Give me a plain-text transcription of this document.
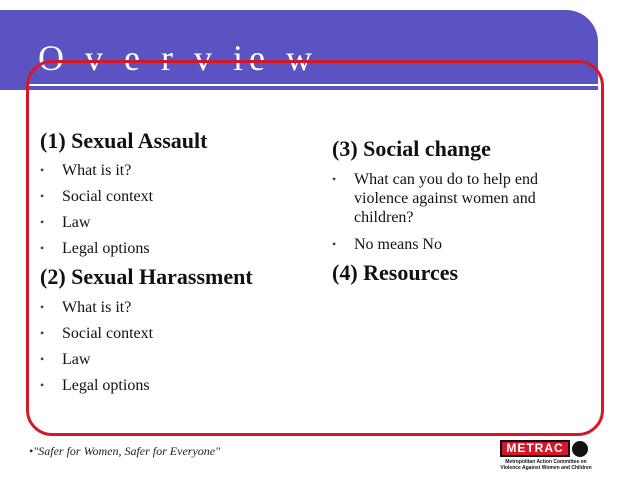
O v e r v ie w

(1) Sexual Assault

• What is it?
• Social context
• Law
• Legal options

(2) Sexual Harassment

• What is it?
• Social context
• Law
• Legal options

(3) Social change

• What can you do to help end violence against women and children?
• No means No

(4) Resources

•"Safer for Women, Safer for Everyone"	METRAC
Metropolitan Action Committee on
Violence Against Women and Children
